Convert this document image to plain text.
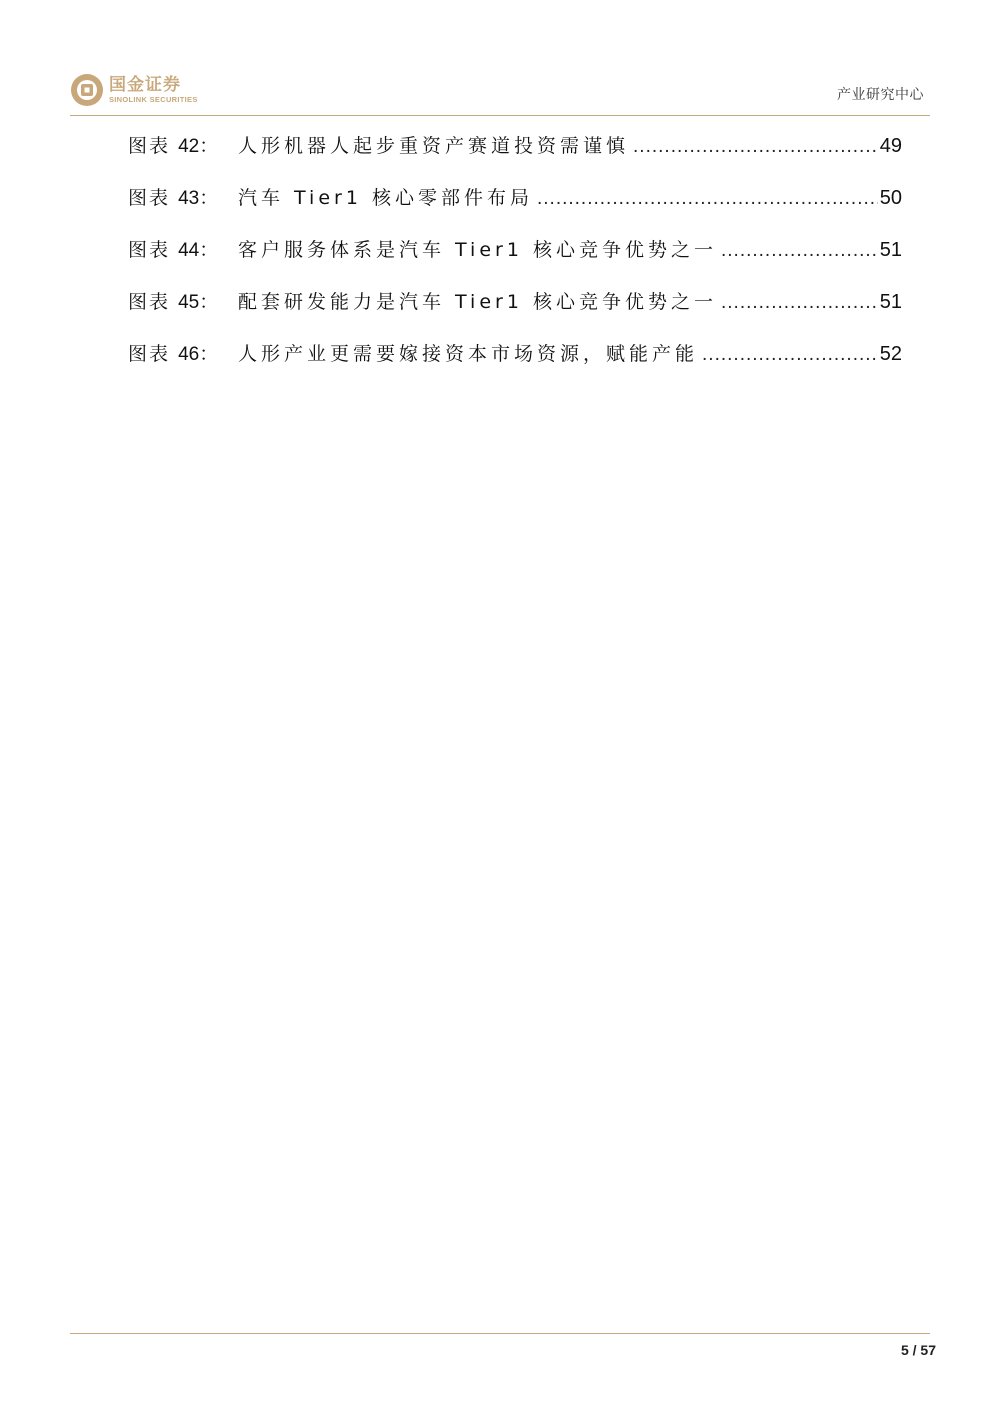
国金证券
SINOLINK SECURITIES	产业研究中心
图表 42： 人形机器人起步重资产赛道投资需谨慎 .....	49
图表 43： 汽车 Tier1 核心零部件布局 .....	50
图表 44： 客户服务体系是汽车 Tier1 核心竞争优势之一 .....	51
图表 45： 配套研发能力是汽车 Tier1 核心竞争优势之一 .....	51
图表 46： 人形产业更需要嫁接资本市场资源，赋能产能 .....	52
5 / 57
